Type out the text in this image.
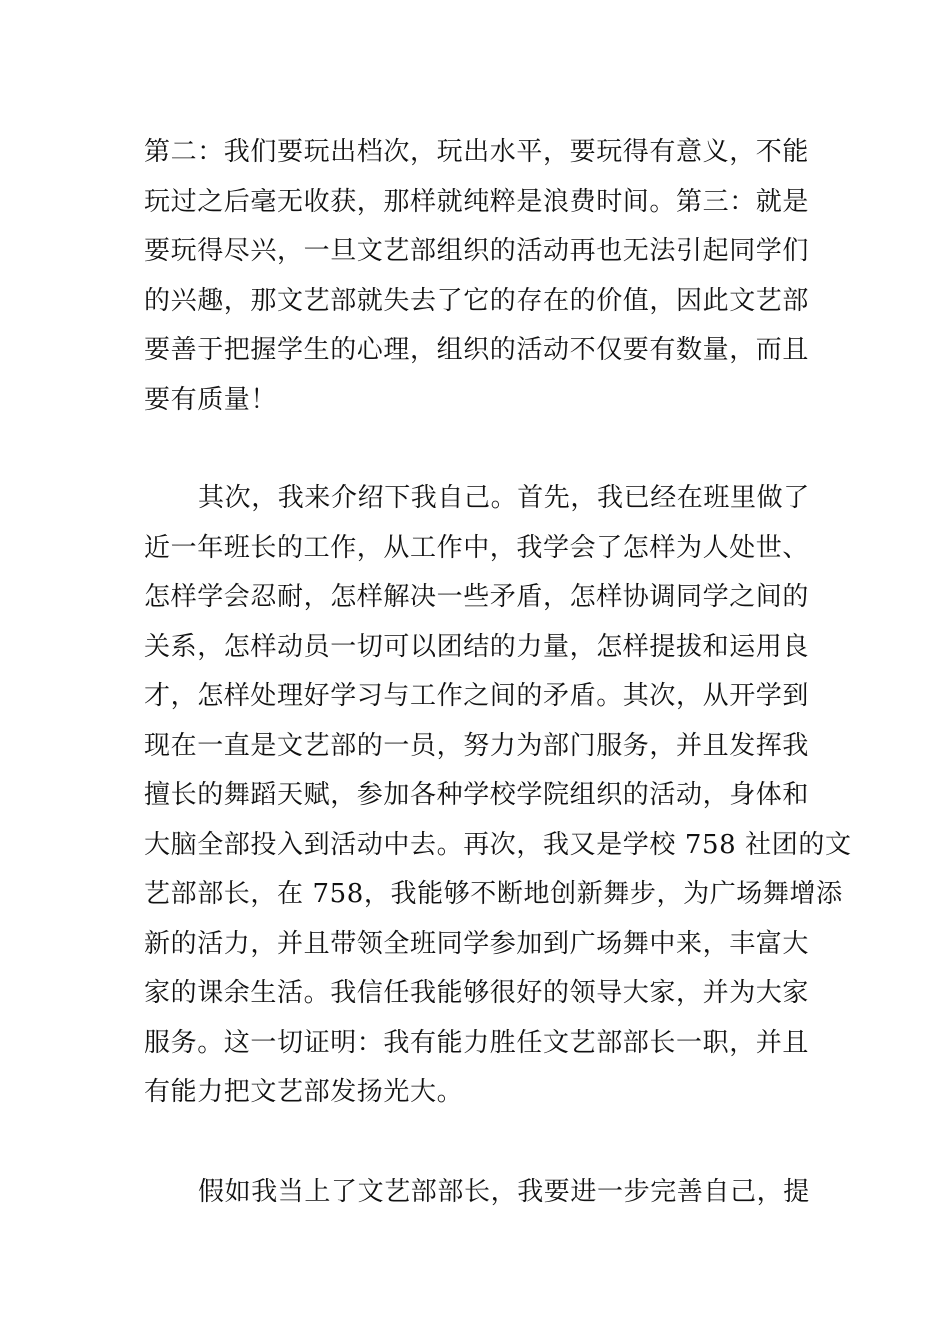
第二：我们要玩出档次，玩出水平，要玩得有意义，不能
玩过之后毫无收获，那样就纯粹是浪费时间。第三：就是
要玩得尽兴，一旦文艺部组织的活动再也无法引起同学们
的兴趣，那文艺部就失去了它的存在的价值，因此文艺部
要善于把握学生的心理，组织的活动不仅要有数量，而且
要有质量！
其次，我来介绍下我自己。首先，我已经在班里做了
近一年班长的工作，从工作中，我学会了怎样为人处世、
怎样学会忍耐，怎样解决一些矛盾，怎样协调同学之间的
关系，怎样动员一切可以团结的力量，怎样提拔和运用良
才，怎样处理好学习与工作之间的矛盾。其次，从开学到
现在一直是文艺部的一员，努力为部门服务，并且发挥我
擅长的舞蹈天赋，参加各种学校学院组织的活动，身体和
大脑全部投入到活动中去。再次，我又是学校 758 社团的文
艺部部长，在 758，我能够不断地创新舞步，为广场舞增添
新的活力，并且带领全班同学参加到广场舞中来，丰富大
家的课余生活。我信任我能够很好的领导大家，并为大家
服务。这一切证明：我有能力胜任文艺部部长一职，并且
有能力把文艺部发扬光大。
假如我当上了文艺部部长，我要进一步完善自己，提
